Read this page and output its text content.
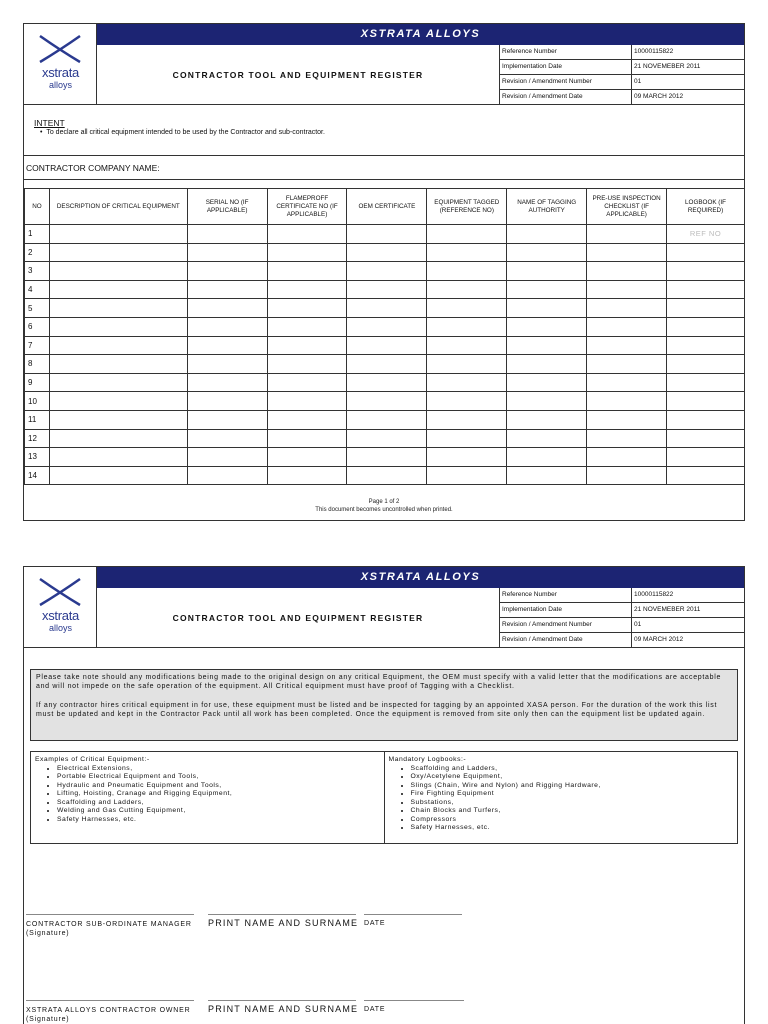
xstrata
alloys
XSTRATA ALLOYS
CONTRACTOR TOOL AND EQUIPMENT REGISTER
Reference Number	10000115822
Implementation Date	21 NOVEMEBER 2011
Revision / Amendment Number	01
Revision / Amendment Date	09 MARCH 2012
INTENT
• To declare all critical equipment intended to be used by the Contractor and sub-contractor.
CONTRACTOR COMPANY NAME:
NO	DESCRIPTION OF CRITICAL EQUIPMENT	SERIAL NO (IF APPLICABLE)	FLAMEPROFF CERTIFICATE NO (IF APPLICABLE)	OEM CERTIFICATE	EQUIPMENT TAGGED (REFERENCE NO)	NAME OF TAGGING AUTHORITY	PRE-USE INSPECTION CHECKLIST (IF APPLICABLE)	LOGBOOK (IF REQUIRED)
1								REF NO
2								
3								
4								
5								
6								
7								
8								
9								
10								
11								
12								
13								
14								
Page 1 of 2
This document becomes uncontrolled when printed.
xstrata
alloys
XSTRATA ALLOYS
CONTRACTOR TOOL AND EQUIPMENT REGISTER
Reference Number	10000115822
Implementation Date	21 NOVEMEBER 2011
Revision / Amendment Number	01
Revision / Amendment Date	09 MARCH 2012

Please take note should any modifications being made to the original design on any critical Equipment, the OEM must specify with a valid letter that the modifications are acceptable and will not impede on the safe operation of the equipment. All Critical equipment must have proof of Tagging with a Checklist.

If any contractor hires critical equipment in for use, these equipment must be listed and be inspected for tagging by an appointed XASA person. For the duration of the work this list must be updated and kept in the Contractor Pack until all work has been completed. Once the equipment is removed from site only then can the equipment list be updated again.

Examples of Critical Equipment:-
• Electrical Extensions,
• Portable Electrical Equipment and Tools,
• Hydraulic and Pneumatic Equipment and Tools,
• Lifting, Hoisting, Cranage and Rigging Equipment,
• Scaffolding and Ladders,
• Welding and Gas Cutting Equipment,
• Safety Harnesses, etc.
Mandatory Logbooks:-
• Scaffolding and Ladders,
• Oxy/Acetylene Equipment,
• Slings (Chain, Wire and Nylon) and Rigging Hardware,
• Fire Fighting Equipment
• Substations,
• Chain Blocks and Turfers,
• Compressors
• Safety Harnesses, etc.
CONTRACTOR SUB-ORDINATE MANAGER
(Signature)
PRINT NAME AND SURNAME DATE
XSTRATA ALLOYS CONTRACTOR OWNER
(Signature)
PRINT NAME AND SURNAME DATE
